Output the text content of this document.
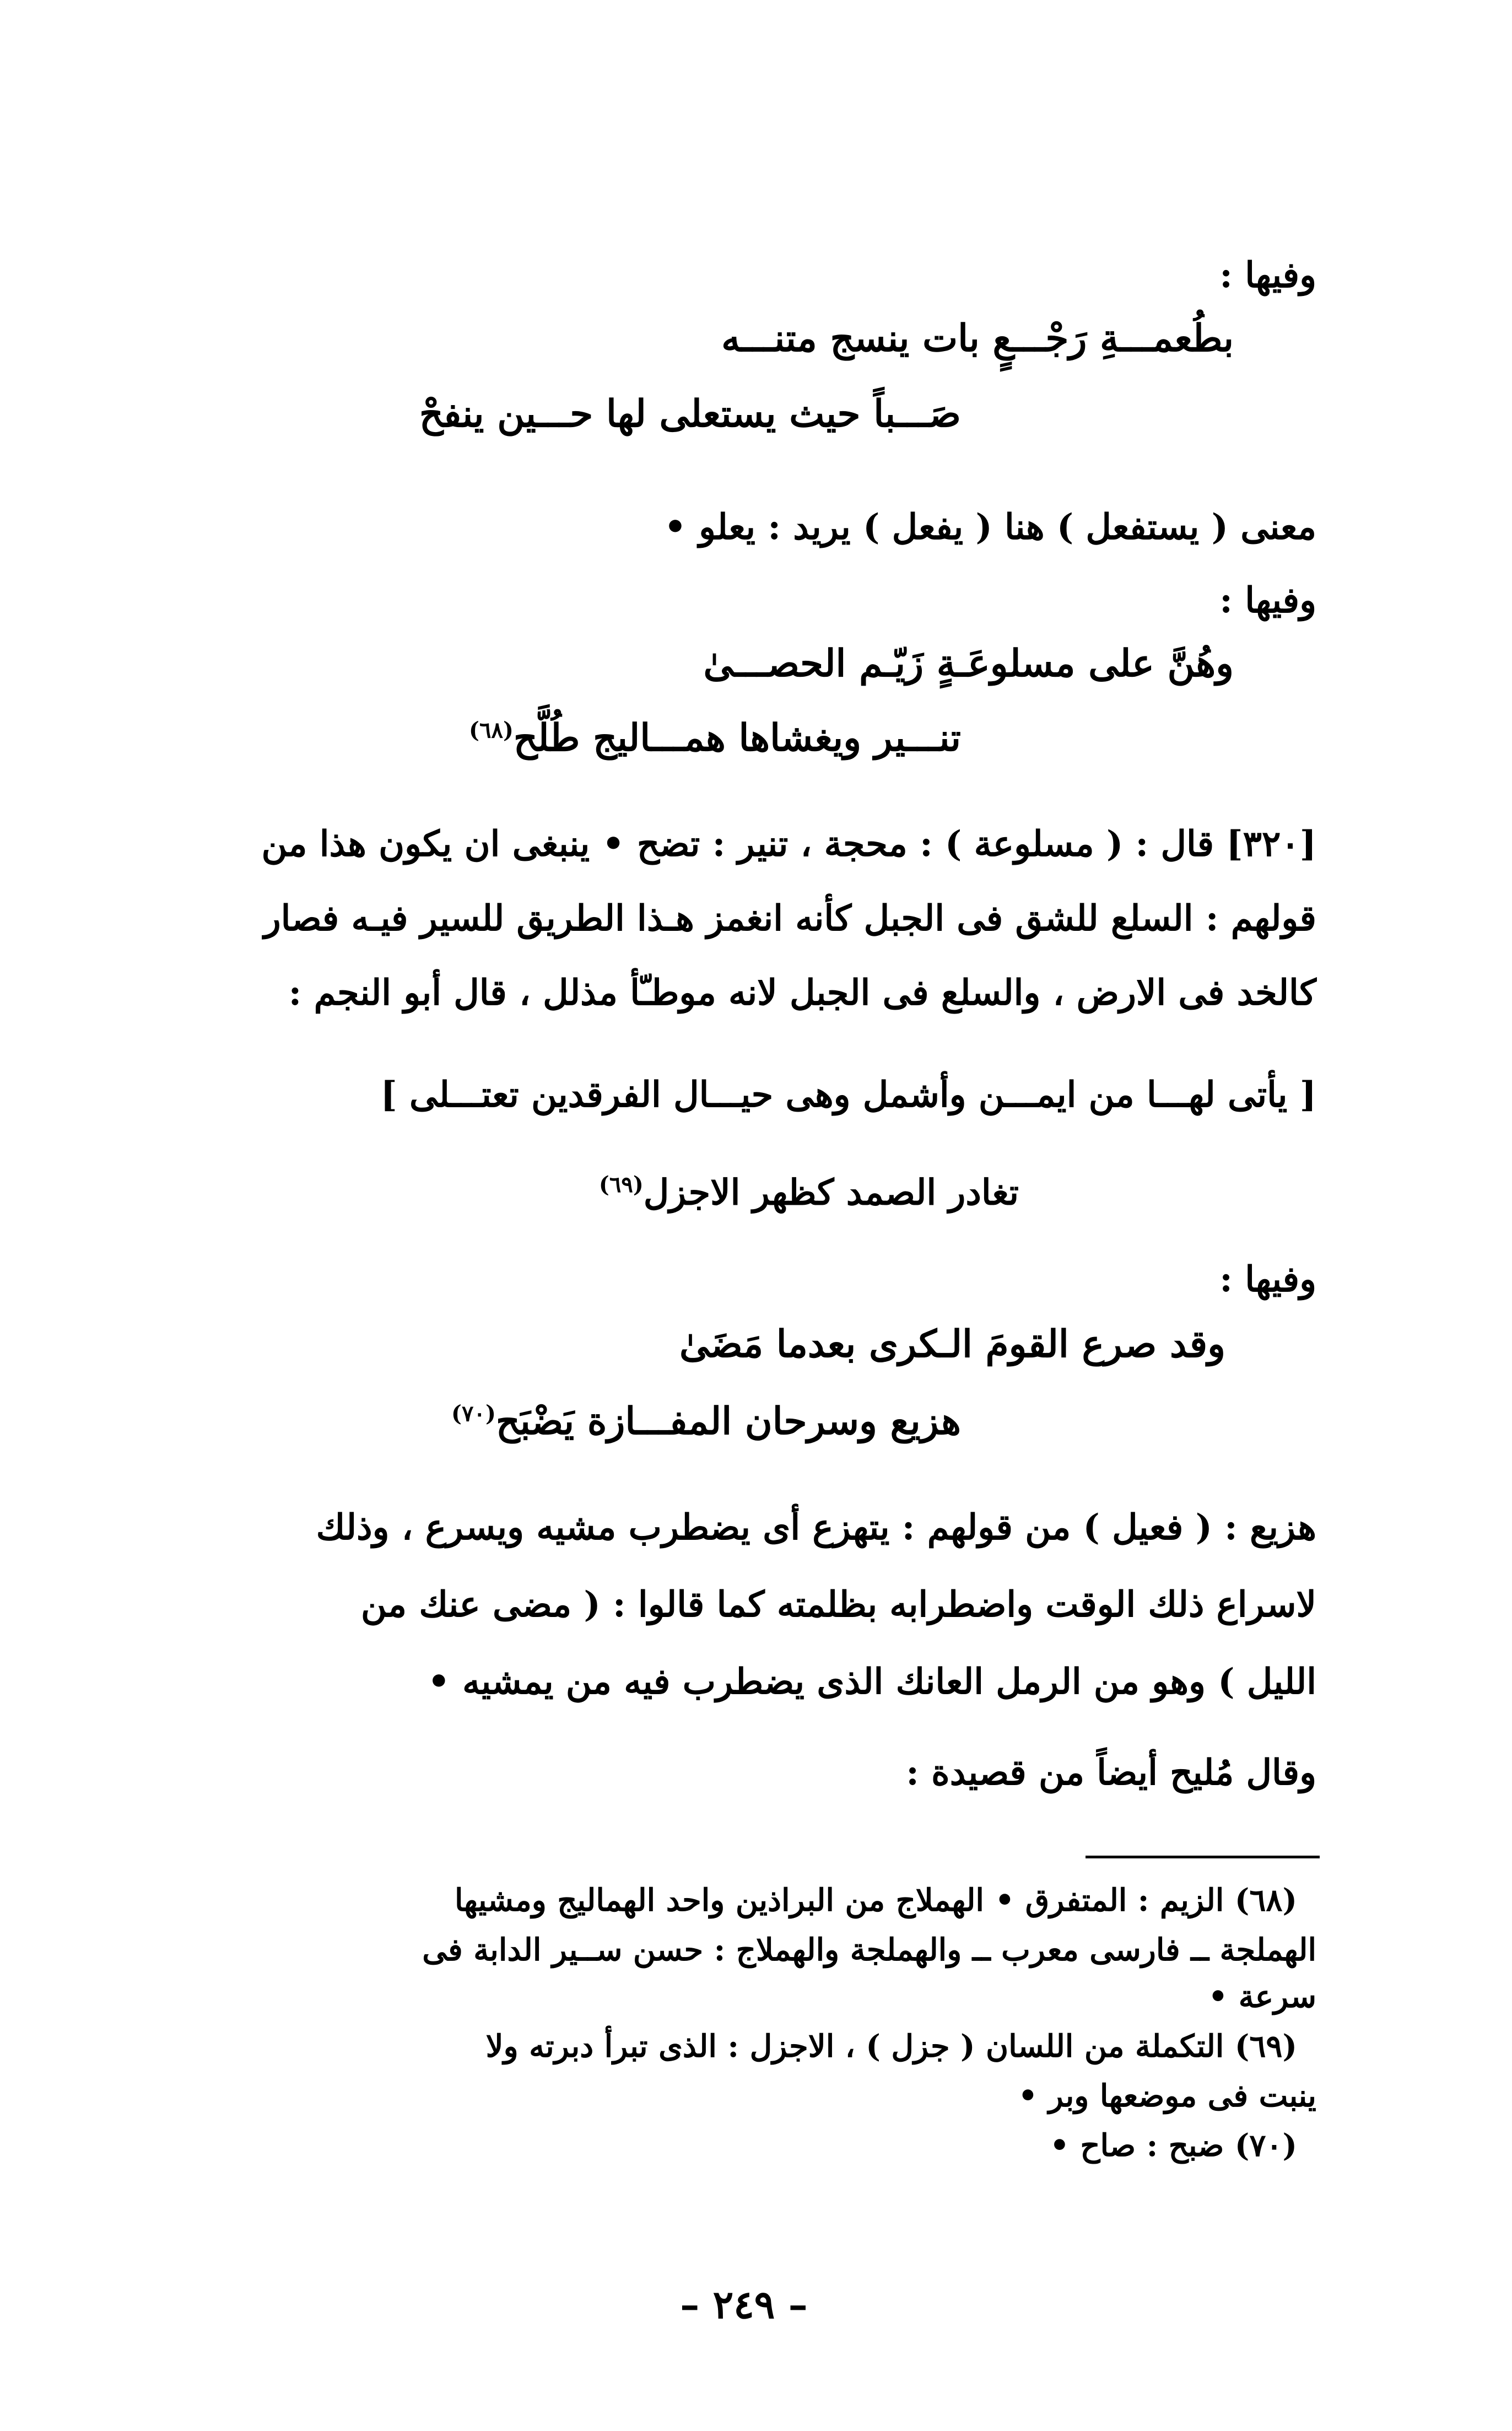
وفيها :
بطُعمـــةِ رَجْـــعٍ بات ينسج متنـــه
صَـــباً حيث يستعلى لها حـــين ينفحْ
معنى ( يستفعل ) هنا ( يفعل ) يريد : يعلو •
وفيها :
وهُنَّ على مسلوعَـةٍ زَيّـم الحصـــىٰ
تنـــير ويغشاها همـــاليج طُلَّح$^{(٦٨)}$
[٣٢٠] قال : ( مسلوعة ) : محجة ، تنير : تضح • ينبغى ان يكون هذا من
قولهم : السلع للشق فى الجبل كأنه انغمز هـذا الطريق للسير فيـه فصار
كالخد فى الارض ، والسلع فى الجبل لانه موطـّأ مذلل ، قال أبو النجم :
[ يأتى لهـــا من ايمـــن وأشمل وهى حيـــال الفرقدين تعتـــلى ]
تغادر الصمد كظهر الاجزل$^{(٦٩)}$
وفيها :
وقد صرع القومَ الـكرى بعدما مَضَىٰ
هزيع وسرحان المفـــازة يَضْبَح$^{(٧٠)}$
هزيع : ( فعيل ) من قولهم : يتهزع أى يضطرب مشيه ويسرع ، وذلك
لاسراع ذلك الوقت واضطرابه بظلمته كما قالوا : ( مضى عنك من
الليل ) وهو من الرمل العانك الذى يضطرب فيه من يمشيه •
وقال مُليح أيضاً من قصيدة :
(٦٨) الزيم : المتفرق • الهملاج من البراذين واحد الهماليج ومشيها
الهملجة ــ فارسى معرب ــ والهملجة والهملاج : حسن ســير الدابة فى
سرعة •
(٦٩) التكملة من اللسان ( جزل ) ، الاجزل : الذى تبرأ دبرته ولا
ينبت فى موضعها وبر •
(٧٠) ضبح : صاح •
– ٢٤٩ –
